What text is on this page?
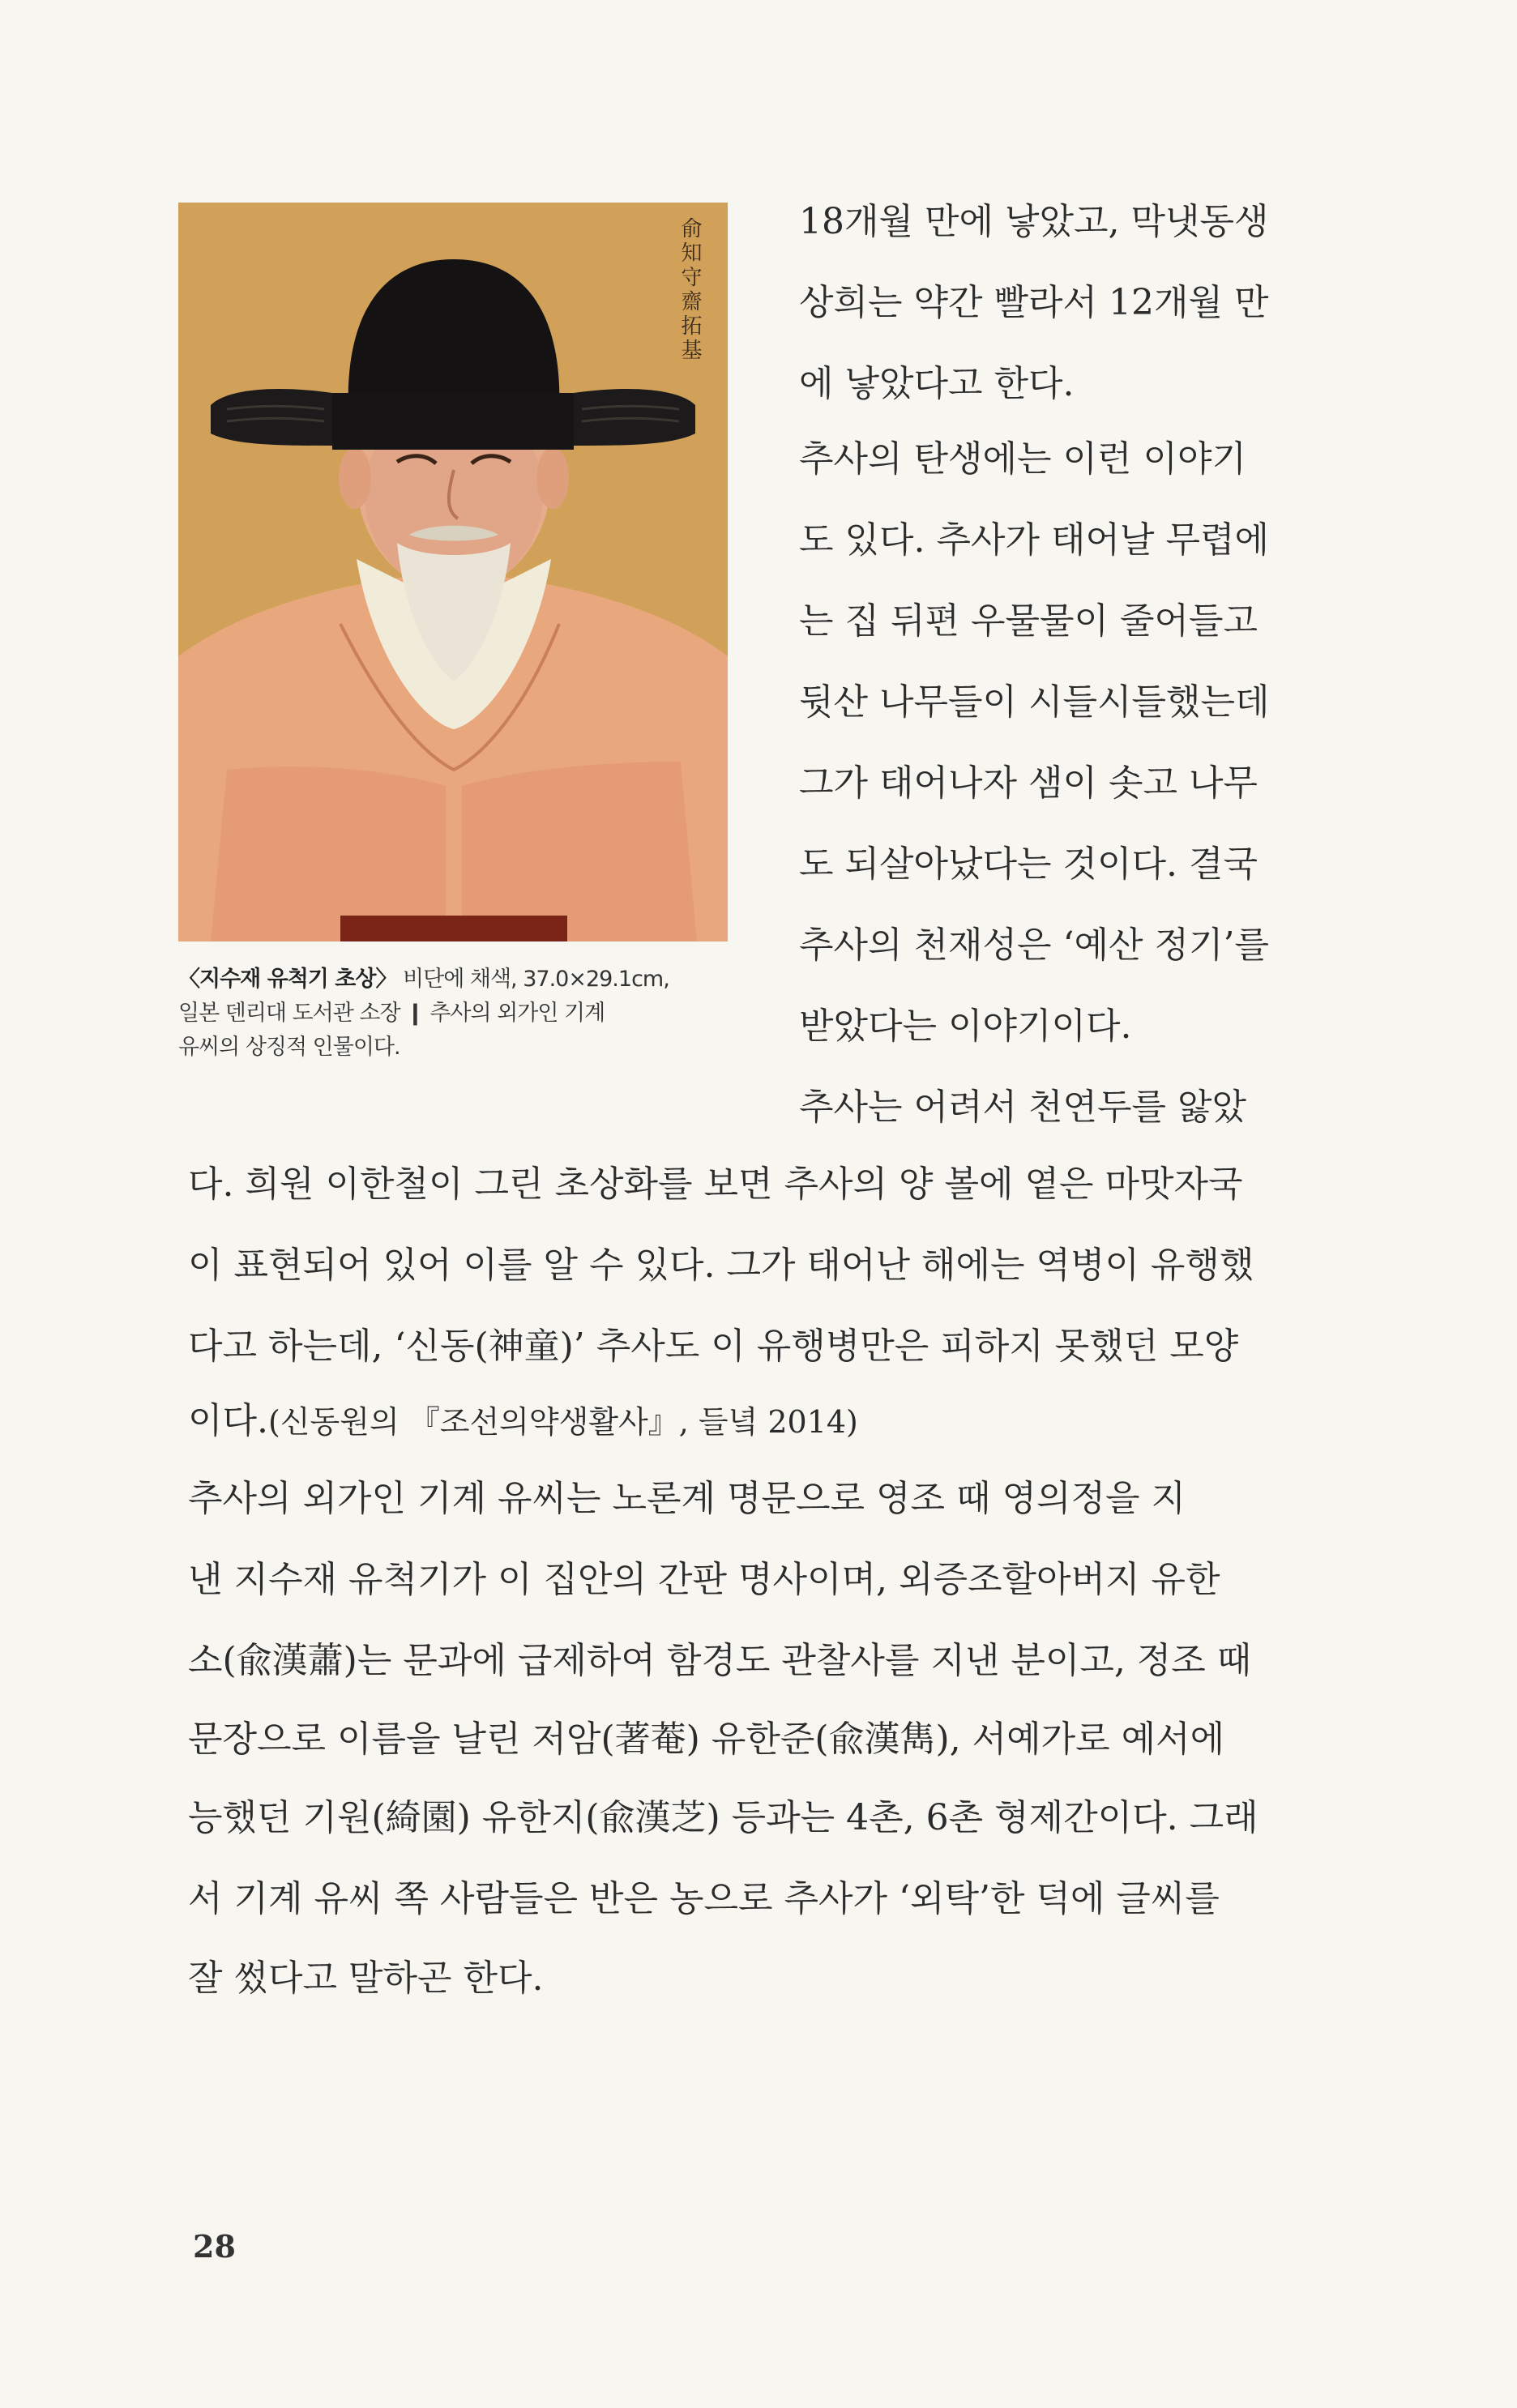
俞知守齋拓基
〈지수재 유척기 초상〉 비단에 채색, 37.0×29.1cm,
일본 덴리대 도서관 소장 ❙ 추사의 외가인 기계
유씨의 상징적 인물이다.
18개월 만에 낳았고, 막냇동생
상희는 약간 빨라서 12개월 만
에 낳았다고 한다.
추사의 탄생에는 이런 이야기
도 있다. 추사가 태어날 무렵에
는 집 뒤편 우물물이 줄어들고
뒷산 나무들이 시들시들했는데
그가 태어나자 샘이 솟고 나무
도 되살아났다는 것이다. 결국
추사의 천재성은 ‘예산 정기’를
받았다는 이야기이다.
추사는 어려서 천연두를 앓았
다. 희원 이한철이 그린 초상화를 보면 추사의 양 볼에 옅은 마맛자국
이 표현되어 있어 이를 알 수 있다. 그가 태어난 해에는 역병이 유행했
다고 하는데, ‘신동(神童)’ 추사도 이 유행병만은 피하지 못했던 모양
이다.(신동원의 『조선의약생활사』, 들녘 2014)
추사의 외가인 기계 유씨는 노론계 명문으로 영조 때 영의정을 지
낸 지수재 유척기가 이 집안의 간판 명사이며, 외증조할아버지 유한
소(兪漢蕭)는 문과에 급제하여 함경도 관찰사를 지낸 분이고, 정조 때
문장으로 이름을 날린 저암(著菴) 유한준(兪漢雋), 서예가로 예서에
능했던 기원(綺園) 유한지(兪漢芝) 등과는 4촌, 6촌 형제간이다. 그래
서 기계 유씨 쪽 사람들은 반은 농으로 추사가 ‘외탁’한 덕에 글씨를
잘 썼다고 말하곤 한다.
28
